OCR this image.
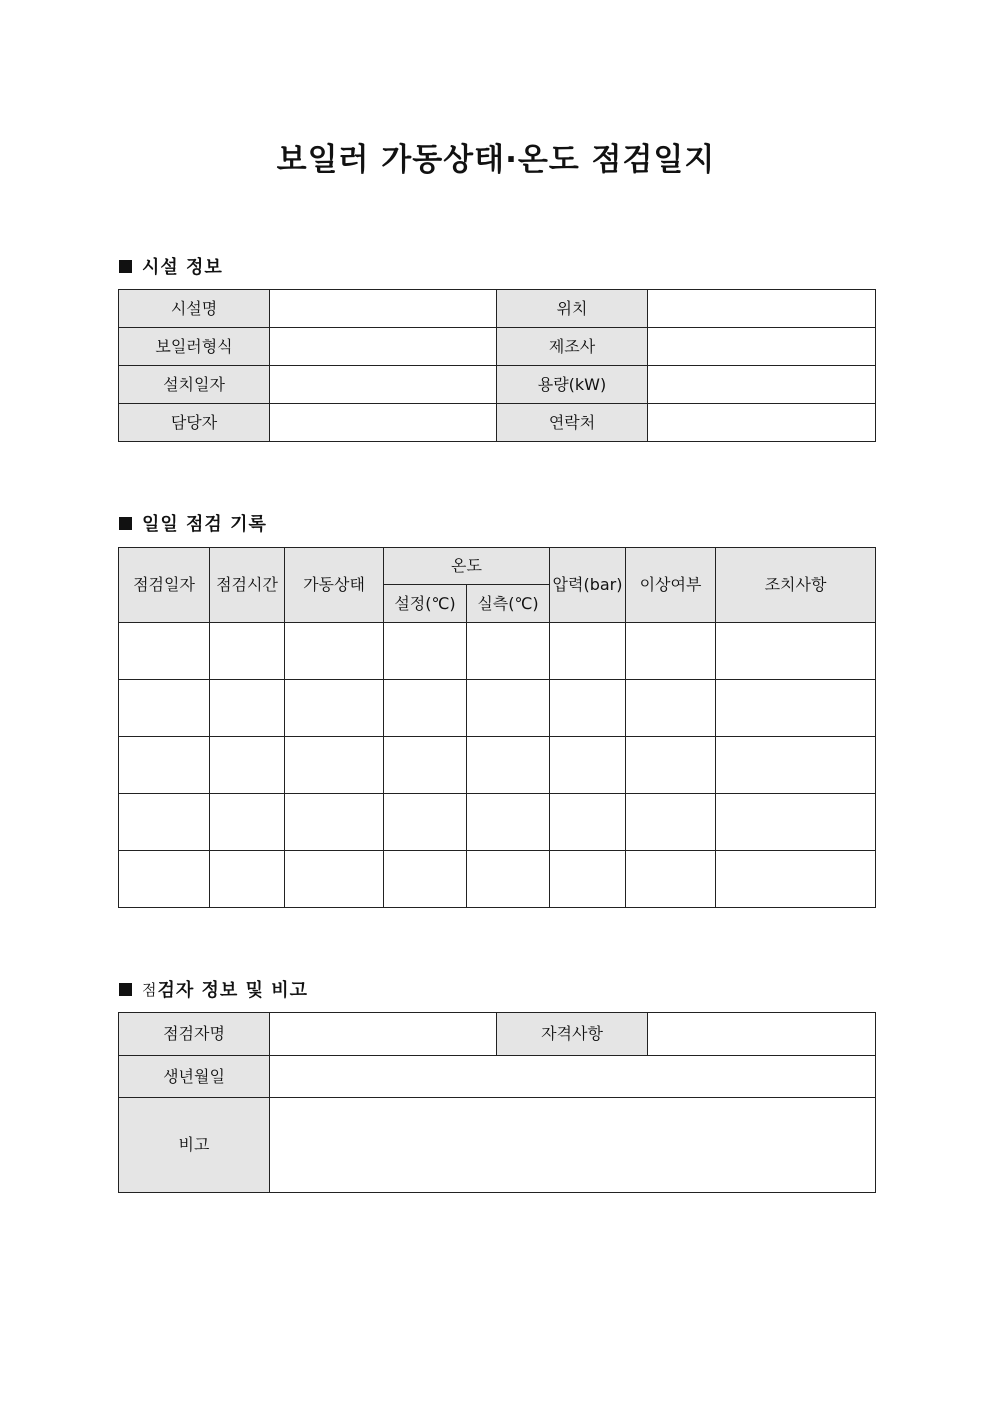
보일러 가동상태·온도 점검일지
시설 정보
시설명		위치	
보일러형식		제조사	
설치일자		용량(kW)	
담당자		연락처	
일일 점검 기록
점검일자	점검시간	가동상태	온도		압력(bar)	이상여부	조치사항
			설정(℃)	실측(℃)			

점 검자 정보 및 비고
점검자명		자격사항	
생년월일			
비고			
